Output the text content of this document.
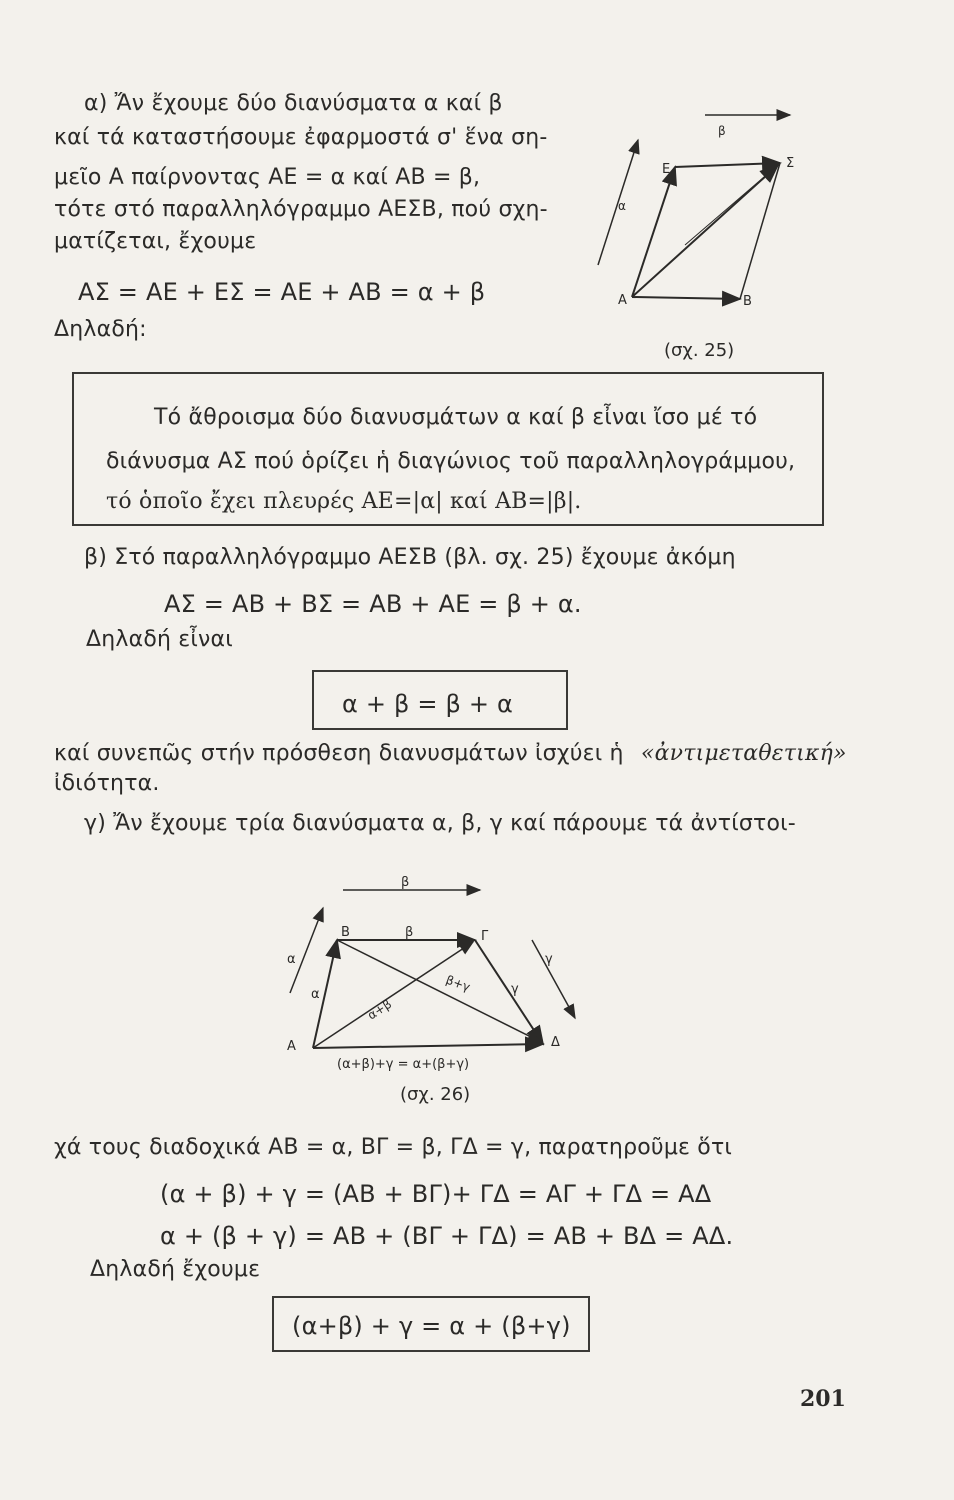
α) Ἄν ἔχουμε δύο διανύσματα α καί β
καί τά καταστήσουμε ἐφαρμοστά σ' ἕνα ση-
μεῖο Α παίρνοντας ΑΕ = α καί ΑΒ = β,
τότε στό παραλληλόγραμμο ΑΕΣΒ, πού σχη-
ματίζεται, ἔχουμε
ΑΣ = ΑΕ + ΕΣ = ΑΕ + ΑΒ = α + β
Δηλαδή:
β
α
Ε	Σ
Α	Β
(σχ. 25)
Τό ἄθροισμα δύο διανυσμάτων α καί β εἶναι ἴσο μέ τό
διάνυσμα ΑΣ πού ὁρίζει ἡ διαγώνιος τοῦ παραλληλογράμμου,
τό ὁποῖο ἔχει πλευρές ΑΕ=|α| καί ΑΒ=|β|.
β) Στό παραλληλόγραμμο ΑΕΣΒ (βλ. σχ. 25) ἔχουμε ἀκόμη
ΑΣ = ΑΒ + ΒΣ = ΑΒ + ΑΕ = β + α.
Δηλαδή εἶναι
α + β = β + α
καί συνεπῶς στήν πρόσθεση διανυσμάτων ἰσχύει ἡ «ἀντιμεταθετική»
ἰδιότητα.
γ) Ἄν ἔχουμε τρία διανύσματα α, β, γ καί πάρουμε τά ἀντίστοι-
β
α
α
β
γ
γ
β+γ
α+β
Β	Γ
Α	Δ
(α+β)+γ = α+(β+γ)
(σχ. 26)
χά τους διαδοχικά ΑΒ = α, ΒΓ = β, ΓΔ = γ, παρατηροῦμε ὅτι
(α + β) + γ = (ΑΒ + ΒΓ)+ ΓΔ = ΑΓ + ΓΔ = ΑΔ
α + (β + γ) = ΑΒ + (ΒΓ + ΓΔ) = ΑΒ + ΒΔ = ΑΔ.
Δηλαδή ἔχουμε
(α+β) + γ = α + (β+γ)
201
